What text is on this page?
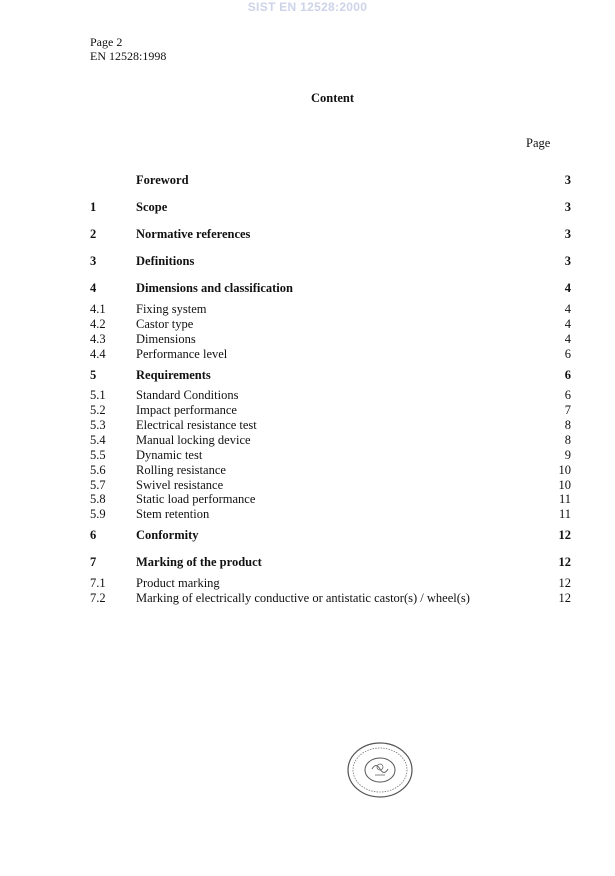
SIST EN 12528:2000
Page 2
EN 12528:1998
Content
Page
Foreword	3
1	Scope	3
2	Normative references	3
3	Definitions	3
4	Dimensions and classification	4
4.1 Fixing system	4
4.2 Castor type	4
4.3 Dimensions	4
4.4 Performance level	6
5	Requirements	6
5.1 Standard Conditions	6
5.2 Impact performance	7
5.3 Electrical resistance test	8
5.4 Manual locking device	8
5.5 Dynamic test	9
5.6 Rolling resistance	10
5.7 Swivel resistance	10
5.8 Static load performance	11
5.9 Stem retention	11
6	Conformity	12
7	Marking of the product	12
7.1 Product marking	12
7.2 Marking of electrically conductive or antistatic castor(s) / wheel(s)	12
